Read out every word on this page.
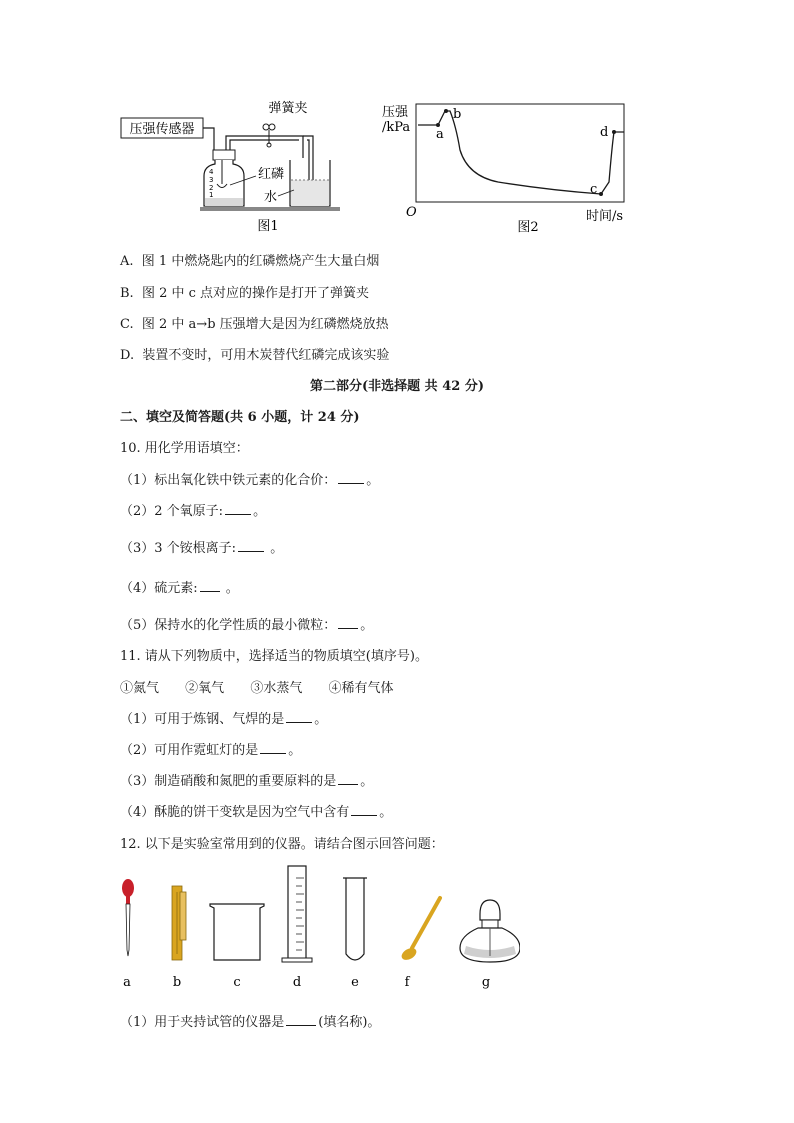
压强传感器
弹簧夹
4
3
2
1
红磷
水
图1
压强
/kPa a
b
c
d
O	时间/s
图2
A. 图 1 中燃烧匙内的红磷燃烧产生大量白烟
B. 图 2 中 c 点对应的操作是打开了弹簧夹
C. 图 2 中 a→b 压强增大是因为红磷燃烧放热
D. 装置不变时，可用木炭替代红磷完成该实验
第二部分(非选择题 共 42 分)
二、填空及简答题(共 6 小题，计 24 分)
10. 用化学用语填空：
（1）标出氧化铁中铁元素的化合价： 。
（2）2 个氧原子: 。
（3）3 个铵根离子: 。
（4）硫元素: 。
（5）保持水的化学性质的最小微粒： 。
11. 请从下列物质中，选择适当的物质填空(填序号)。
①氮气 ②氧气 ③水蒸气 ④稀有气体
（1）可用于炼钢、气焊的是 。
（2）可用作霓虹灯的是 。
（3）制造硝酸和氮肥的重要原料的是 。
（4）酥脆的饼干变软是因为空气中含有 。
12. 以下是实验室常用到的仪器。请结合图示回答问题：
a	b	c	d	e	f	g
（1）用于夹持试管的仪器是	(填名称)。
